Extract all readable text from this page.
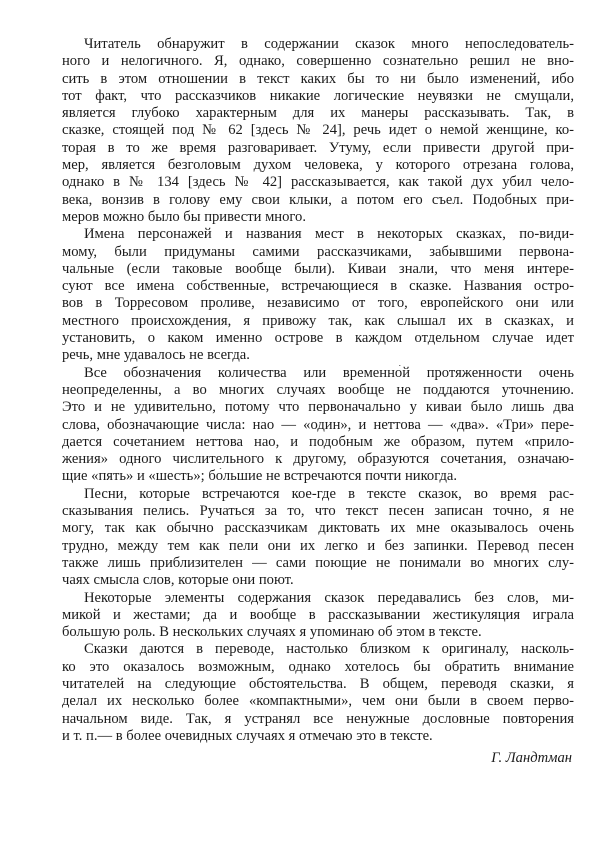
Читатель обнаружит в содержании сказок много непоследователь-
ного и нелогичного. Я, однако, совершенно сознательно решил не вно-
сить в этом отношении в текст каких бы то ни было изменений, ибо
тот факт, что рассказчиков никакие логические неувязки не смущали,
является глубоко характерным для их манеры рассказывать. Так, в
сказке, стоящей под № 62 [здесь № 24], речь идет о немой женщине, ко-
торая в то же время разговаривает. Утуму, если привести другой при-
мер, является безголовым духом человека, у которого отрезана голова,
однако в № 134 [здесь № 42] рассказывается, как такой дух убил чело-
века, вонзив в голову ему свои клыки, а потом его съел. Подобных при-
меров можно было бы привести много.
Имена персонажей и названия мест в некоторых сказках, по-види-
мому, были придуманы самими рассказчиками, забывшими первона-
чальные (если таковые вообще были). Киваи знали, что меня интере-
суют все имена собственные, встречающиеся в сказке. Названия остро-
вов в Торресовом проливе, независимо от того, европейского они или
местного происхождения, я привожу так, как слышал их в сказках, и
установить, о каком именно острове в каждом отдельном случае идет
речь, мне удавалось не всегда.
Все обозначения количества или временно́й протяженности очень
неопределенны, а во многих случаях вообще не поддаются уточнению.
Это и не удивительно, потому что первоначально у киваи было лишь два
слова, обозначающие числа: нао — «один», и неттова — «два». «Три» пере-
дается сочетанием неттова нао, и подобным же образом, путем «прило-
жения» одного числительного к другому, образуются сочетания, означаю-
щие «пять» и «шесть»; бо́льшие не встречаются почти никогда.
Песни, которые встречаются кое-где в тексте сказок, во время рас-
сказывания пелись. Ручаться за то, что текст песен записан точно, я не
могу, так как обычно рассказчикам диктовать их мне оказывалось очень
трудно, между тем как пели они их легко и без запинки. Перевод песен
также лишь приблизителен — сами поющие не понимали во многих слу-
чаях смысла слов, которые они поют.
Некоторые элементы содержания сказок передавались без слов, ми-
микой и жестами; да и вообще в рассказывании жестикуляция играла
большую роль. В нескольких случаях я упоминаю об этом в тексте.
Сказки даются в переводе, настолько близком к оригиналу, насколь-
ко это оказалось возможным, однако хотелось бы обратить внимание
читателей на следующие обстоятельства. В общем, переводя сказки, я
делал их несколько более «компактными», чем они были в своем перво-
начальном виде. Так, я устранял все ненужные дословные повторения
и т. п.— в более очевидных случаях я отмечаю это в тексте.
Г. Ландтман
